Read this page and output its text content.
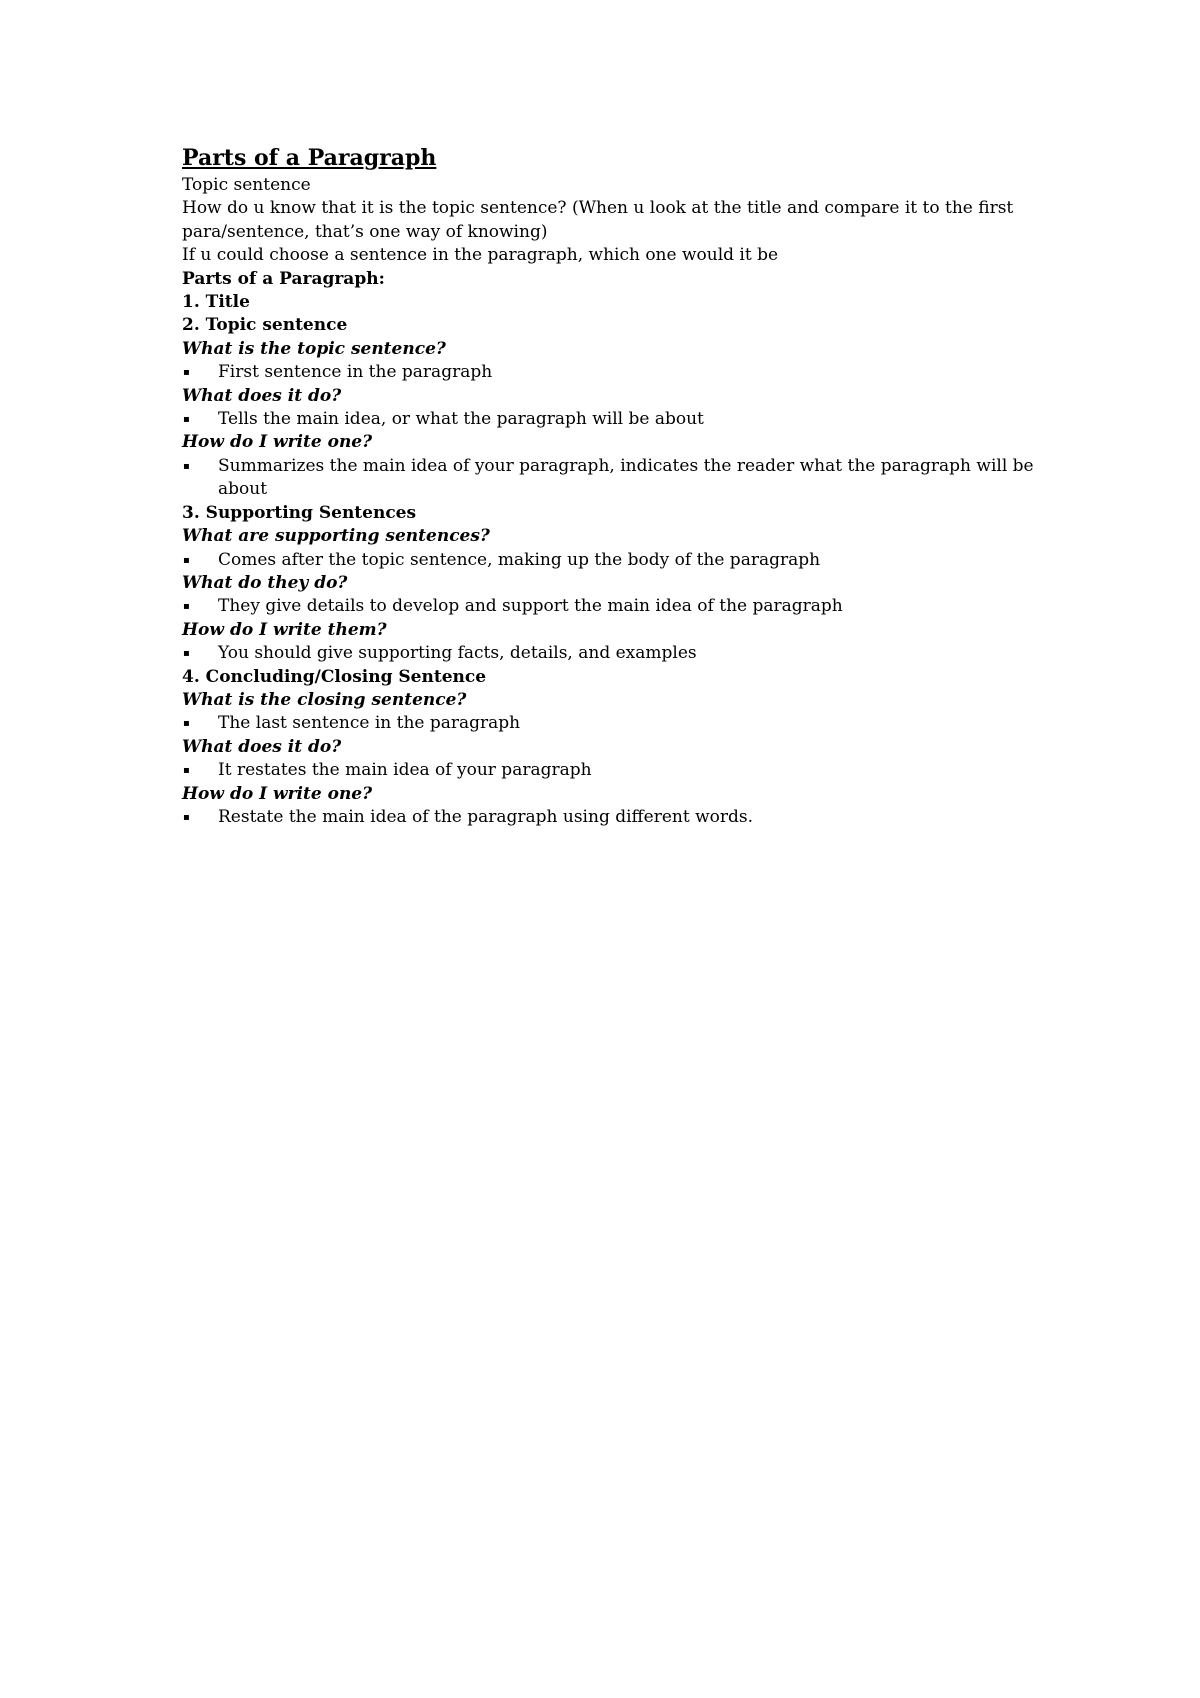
Parts of a Paragraph
Topic sentence
How do u know that it is the topic sentence? (When u look at the title and compare it to the first para/sentence, that’s one way of knowing)
If u could choose a sentence in the paragraph, which one would it be
Parts of a Paragraph:
1. Title
2. Topic sentence
What is the topic sentence?
▪ First sentence in the paragraph
What does it do?
▪ Tells the main idea, or what the paragraph will be about
How do I write one?
▪ Summarizes the main idea of your paragraph, indicates the reader what the paragraph will be about
3. Supporting Sentences
What are supporting sentences?
▪ Comes after the topic sentence, making up the body of the paragraph
What do they do?
▪ They give details to develop and support the main idea of the paragraph
How do I write them?
▪ You should give supporting facts, details, and examples
4. Concluding/Closing Sentence
What is the closing sentence?
▪ The last sentence in the paragraph
What does it do?
▪ It restates the main idea of your paragraph
How do I write one?
▪ Restate the main idea of the paragraph using different words.
